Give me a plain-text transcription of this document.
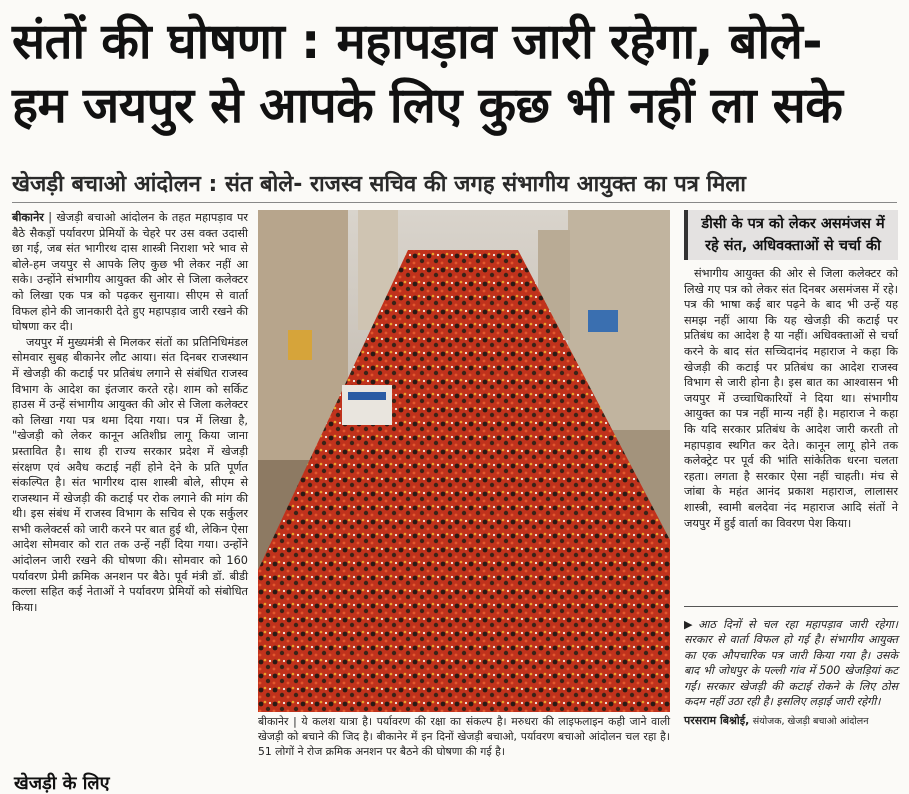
संतों की घोषणा : महापड़ाव जारी रहेगा, बोले-
हम जयपुर से आपके लिए कुछ भी नहीं ला सके
खेजड़ी बचाओ आंदोलन : संत बोले- राजस्व सचिव की जगह संभागीय आयुक्त का पत्र मिला

बीकानेर | खेजड़ी बचाओ आंदोलन के तहत महापड़ाव पर बैठे सैकड़ों पर्यावरण प्रेमियों के चेहरे पर उस वक्त उदासी छा गई, जब संत भागीरथ दास शास्त्री निराशा भरे भाव से बोले-हम जयपुर से आपके लिए कुछ भी लेकर नहीं आ सके। उन्होंने संभागीय आयुक्त की ओर से जिला कलेक्टर को लिखा एक पत्र को पढ़कर सुनाया। सीएम से वार्ता विफल होने की जानकारी देते हुए महापड़ाव जारी रखने की घोषणा कर दी।

जयपुर में मुख्यमंत्री से मिलकर संतों का प्रतिनिधिमंडल सोमवार सुबह बीकानेर लौट आया। संत दिनबर राजस्थान में खेजड़ी की कटाई पर प्रतिबंध लगाने से संबंधित राजस्व विभाग के आदेश का इंतजार करते रहे। शाम को सर्किट हाउस में उन्हें संभागीय आयुक्त की ओर से जिला कलेक्टर को लिखा गया पत्र थमा दिया गया। पत्र में लिखा है, "खेजड़ी को लेकर कानून अतिशीघ्र लागू किया जाना प्रस्तावित है। साथ ही राज्य सरकार प्रदेश में खेजड़ी संरक्षण एवं अवैध कटाई नहीं होने देने के प्रति पूर्णत संकल्पित है। संत भागीरथ दास शास्त्री बोले, सीएम से राजस्थान में खेजड़ी की कटाई पर रोक लगाने की मांग की थी। इस संबंध में राजस्व विभाग के सचिव से एक सर्कुलर सभी कलेक्टर्स को जारी करने पर बात हुई थी, लेकिन ऐसा आदेश सोमवार को रात तक उन्हें नहीं दिया गया। उन्होंने आंदोलन जारी रखने की घोषणा की। सोमवार को 160 पर्यावरण प्रेमी क्रमिक अनशन पर बैठे। पूर्व मंत्री डॉ. बीडी कल्ला सहित कई नेताओं ने पर्यावरण प्रेमियों को संबोधित किया।

बीकानेर | ये कलश यात्रा है। पर्यावरण की रक्षा का संकल्प है। मरुधरा की लाइफलाइन कही जाने वाली खेजड़ी को बचाने की जिद है। बीकानेर में इन दिनों खेजड़ी बचाओ, पर्यावरण बचाओ आंदोलन चल रहा है। 51 लोगों ने रोज क्रमिक अनशन पर बैठने की घोषणा की गई है।
डीसी के पत्र को लेकर असमंजस में
रहे संत, अधिवक्ताओं से चर्चा की

संभागीय आयुक्त की ओर से जिला कलेक्टर को लिखे गए पत्र को लेकर संत दिनबर असमंजस में रहे। पत्र की भाषा कई बार पढ़ने के बाद भी उन्हें यह समझ नहीं आया कि यह खेजड़ी की कटाई पर प्रतिबंध का आदेश है या नहीं। अधिवक्ताओं से चर्चा करने के बाद संत सच्चिदानंद महाराज ने कहा कि खेजड़ी की कटाई पर प्रतिबंध का आदेश राजस्व विभाग से जारी होना है। इस बात का आश्वासन भी जयपुर में उच्चाधिकारियों ने दिया था। संभागीय आयुक्त का पत्र नहीं मान्य नहीं है। महाराज ने कहा कि यदि सरकार प्रतिबंध के आदेश जारी करती तो महापड़ाव स्थगित कर देते। कानून लागू होने तक कलेक्ट्रेट पर पूर्व की भांति सांकेतिक धरना चलता रहता। लगता है सरकार ऐसा नहीं चाहती। मंच से जांबा के महंत आनंद प्रकाश महाराज, लालासर शास्त्री, स्वामी बलदेवा नंद महाराज आदि संतों ने जयपुर में हुई वार्ता का विवरण पेश किया।

▶ आठ दिनों से चल रहा महापड़ाव जारी रहेगा। सरकार से वार्ता विफल हो गई है। संभागीय आयुक्त का एक औपचारिक पत्र जारी किया गया है। उसके बाद भी जोधपुर के पल्ली गांव में 500 खेजड़ियां कट गईं। सरकार खेजड़ी की कटाई रोकने के लिए ठोस कदम नहीं उठा रही है। इसलिए लड़ाई जारी रहेगी।

परसराम बिश्नोई, संयोजक, खेजड़ी बचाओ आंदोलन

खेजड़ी के लिए
